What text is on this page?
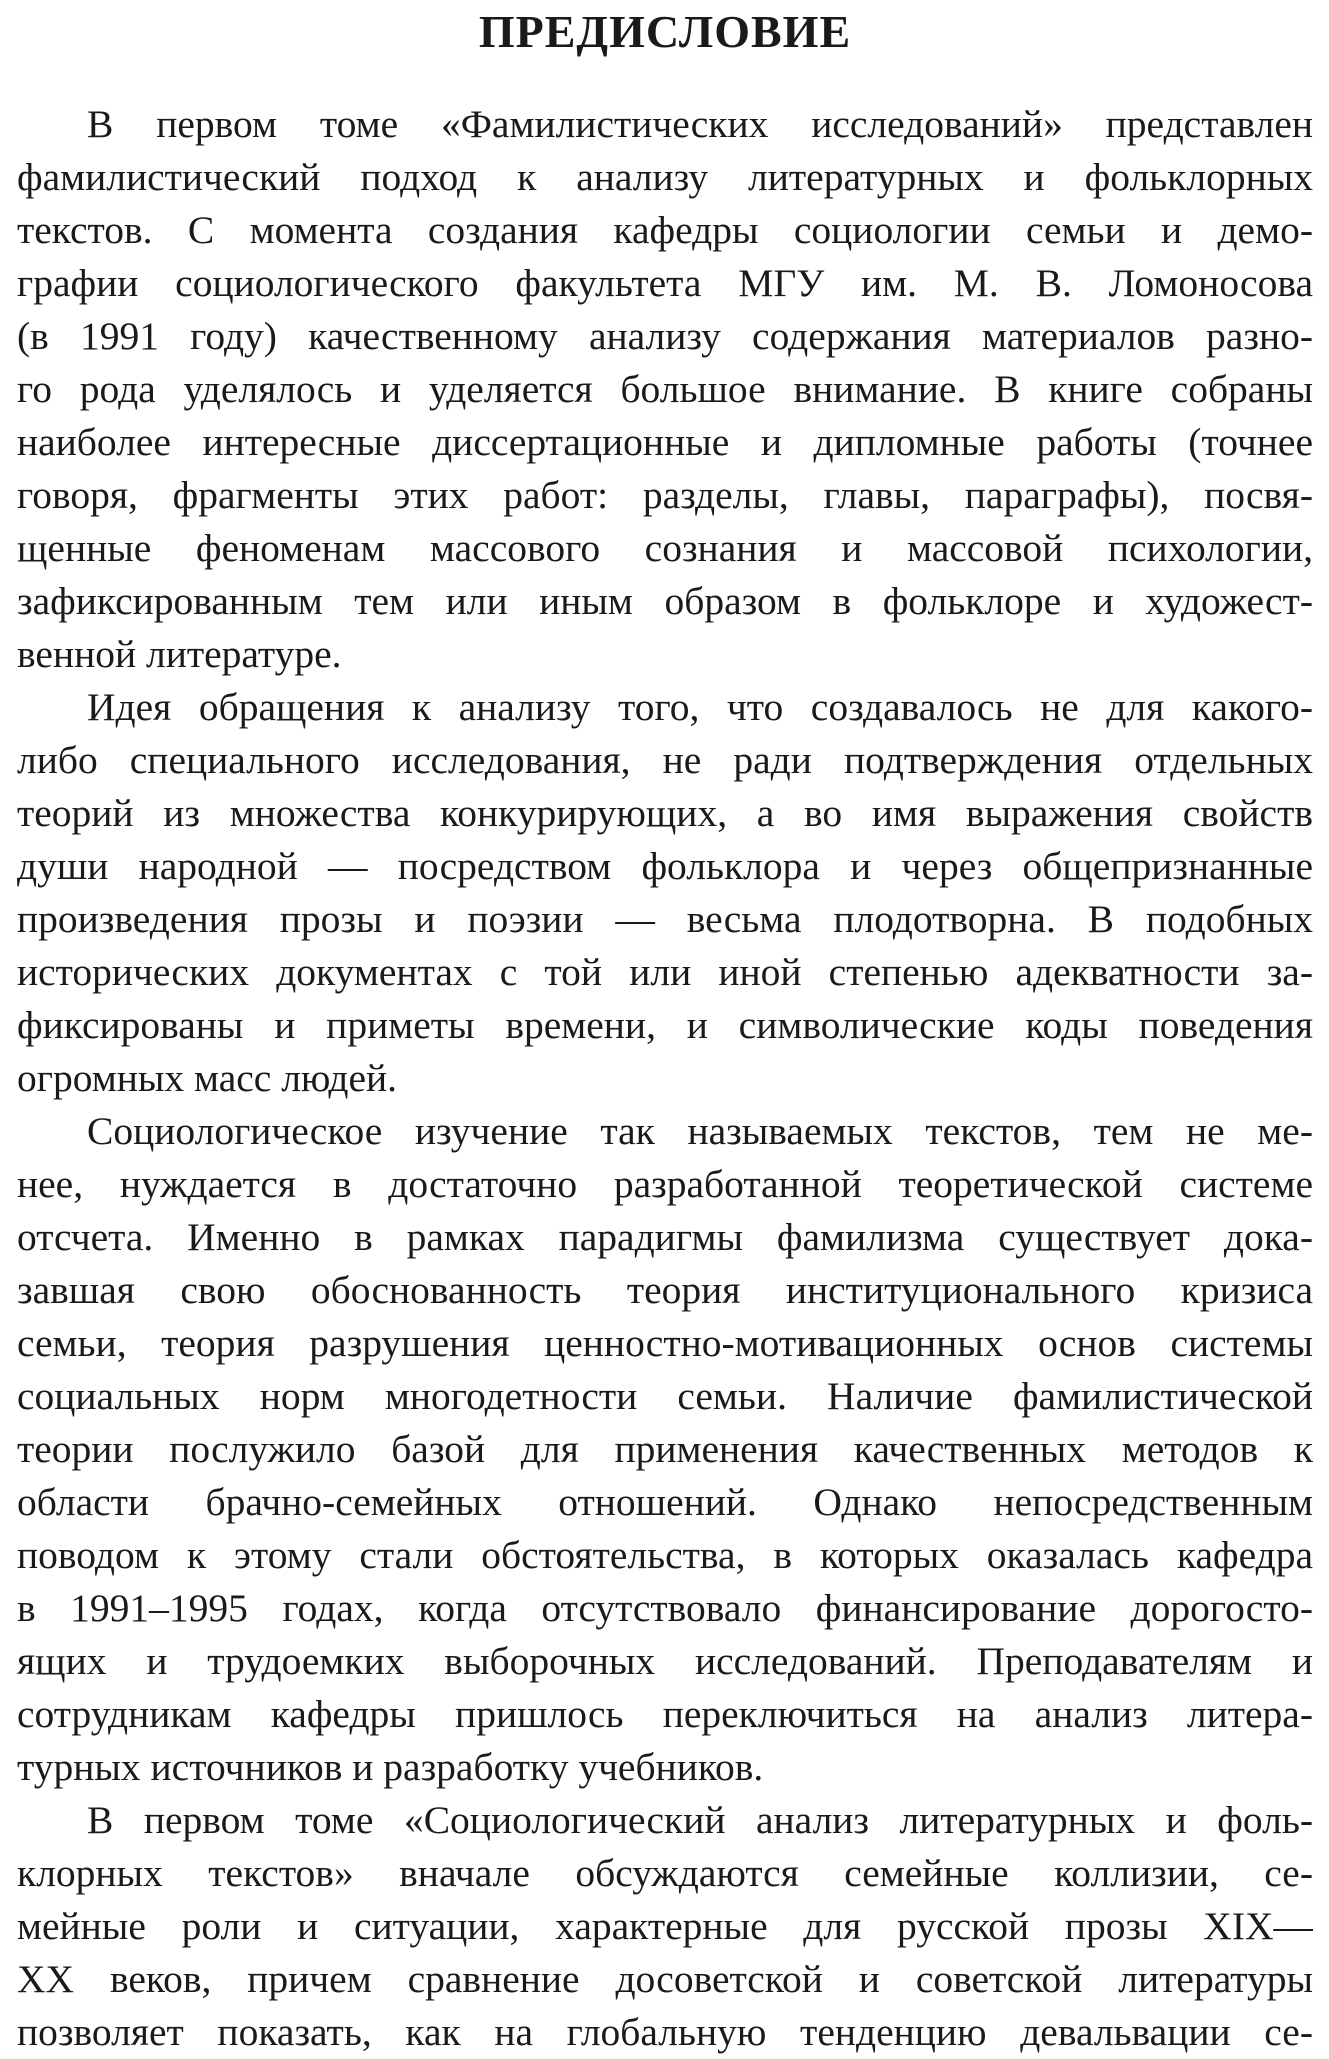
ПРЕДИСЛОВИЕ
В первом томе «Фамилистических исследований» представлен
фамилистический подход к анализу литературных и фольклорных
текстов. С момента создания кафедры социологии семьи и демо-
графии социологического факультета МГУ им. М. В. Ломоносова
(в 1991 году) качественному анализу содержания материалов разно-
го рода уделялось и уделяется большое внимание. В книге собраны
наиболее интересные диссертационные и дипломные работы (точнее
говоря, фрагменты этих работ: разделы, главы, параграфы), посвя-
щенные феноменам массового сознания и массовой психологии,
зафиксированным тем или иным образом в фольклоре и художест-
венной литературе.
Идея обращения к анализу того, что создавалось не для какого-
либо специального исследования, не ради подтверждения отдельных
теорий из множества конкурирующих, а во имя выражения свойств
души народной — посредством фольклора и через общепризнанные
произведения прозы и поэзии — весьма плодотворна. В подобных
исторических документах с той или иной степенью адекватности за-
фиксированы и приметы времени, и символические коды поведения
огромных масс людей.
Социологическое изучение так называемых текстов, тем не ме-
нее, нуждается в достаточно разработанной теоретической системе
отсчета. Именно в рамках парадигмы фамилизма существует дока-
завшая свою обоснованность теория институционального кризиса
семьи, теория разрушения ценностно-мотивационных основ системы
социальных норм многодетности семьи. Наличие фамилистической
теории послужило базой для применения качественных методов к
области брачно-семейных отношений. Однако непосредственным
поводом к этому стали обстоятельства, в которых оказалась кафедра
в 1991–1995 годах, когда отсутствовало финансирование дорогосто-
ящих и трудоемких выборочных исследований. Преподавателям и
сотрудникам кафедры пришлось переключиться на анализ литера-
турных источников и разработку учебников.
В первом томе «Социологический анализ литературных и фоль-
клорных текстов» вначале обсуждаются семейные коллизии, се-
мейные роли и ситуации, характерные для русской прозы XIX—
XX веков, причем сравнение досоветской и советской литературы
позволяет показать, как на глобальную тенденцию девальвации се-
